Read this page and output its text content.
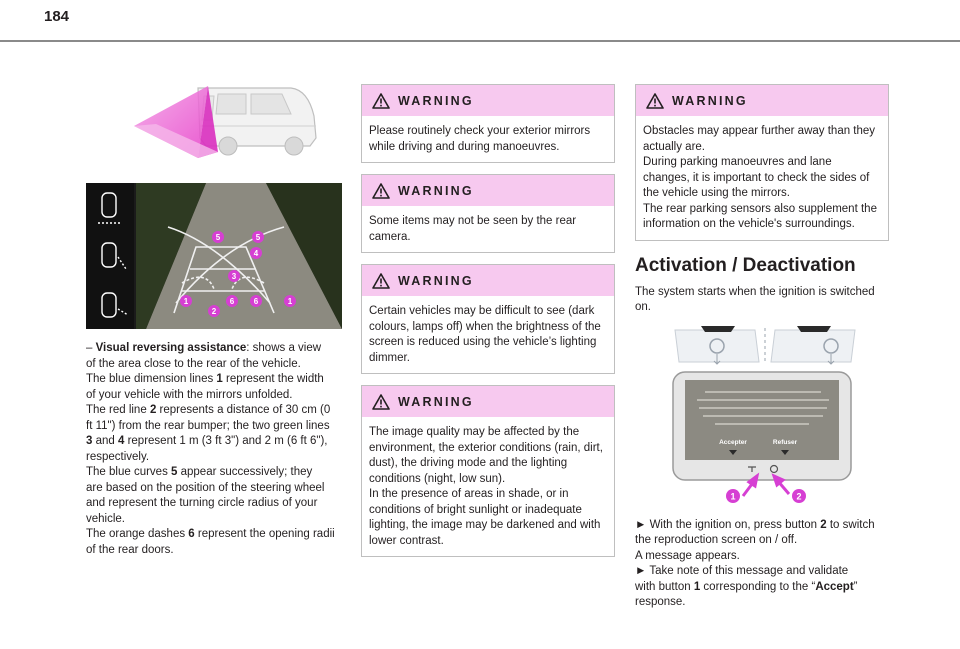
184
5	5
4
3
1	6 6	1
2

– Visual reversing assistance: shows a view

of the area close to the rear of the vehicle.

The blue dimension lines 1 represent the width

of your vehicle with the mirrors unfolded.

The red line 2 represents a distance of 30 cm (0

ft 11") from the rear bumper; the two green lines

3 and 4 represent 1 m (3 ft 3") and 2 m (6 ft 6"),

respectively.

The blue curves 5 appear successively; they

are based on the position of the steering wheel

and represent the turning circle radius of your

vehicle.

The orange dashes 6 represent the opening radii

of the rear doors.

WARNING
Please routinely check your exterior mirrors
while driving and during manoeuvres.
WARNING
Some items may not be seen by the rear
camera.
WARNING
Certain vehicles may be difficult to see (dark
colours, lamps off) when the brightness of the
screen is reduced using the vehicle’s lighting
dimmer.
WARNING
The image quality may be affected by the
environment, the exterior conditions (rain, dirt,
dust), the driving mode and the lighting
conditions (night, low sun).
In the presence of areas in shade, or in
conditions of bright sunlight or inadequate
lighting, the image may be darkened and with
lower contrast.
WARNING
Obstacles may appear further away than they
actually are.
During parking manoeuvres and lane
changes, it is important to check the sides of
the vehicle using the mirrors.
The rear parking sensors also supplement the
information on the vehicle's surroundings.
Activation / Deactivation

The system starts when the ignition is switched

on.

Accepter	Refuser
1	2

► With the ignition on, press button 2 to switch

the reproduction screen on / off.

A message appears.

► Take note of this message and validate

with button 1 corresponding to the “Accept”

response.
